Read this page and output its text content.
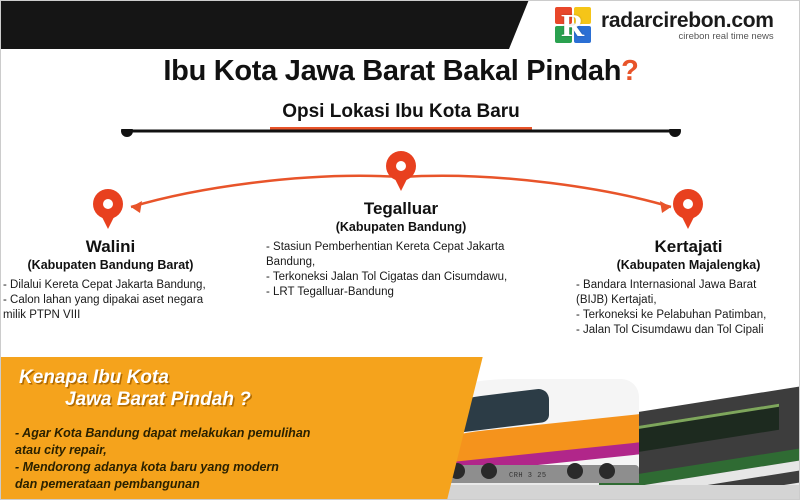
R radarcirebon.com
cirebon real time news
Ibu Kota Jawa Barat Bakal Pindah?
Opsi Lokasi Ibu Kota Baru
Tegalluar
(Kabupaten Bandung)
- Stasiun Pemberhentian Kereta Cepat Jakarta
Bandung,
- Terkoneksi Jalan Tol Cigatas dan Cisumdawu,
- LRT Tegalluar-Bandung
Walini
(Kabupaten Bandung Barat)
- Dilalui Kereta Cepat Jakarta Bandung,
- Calon lahan yang dipakai aset negara
milik PTPN VIII
Kertajati
(Kabupaten Majalengka)
- Bandara Internasional Jawa Barat
(BIJB) Kertajati,
- Terkoneksi ke Pelabuhan Patimban,
- Jalan Tol Cisumdawu dan Tol Cipali
CRH 3 25
Kenapa Ibu Kota
Jawa Barat Pindah ?
- Agar Kota Bandung dapat melakukan pemulihan
atau city repair,
- Mendorong adanya kota baru yang modern
dan pemerataan pembangunan
